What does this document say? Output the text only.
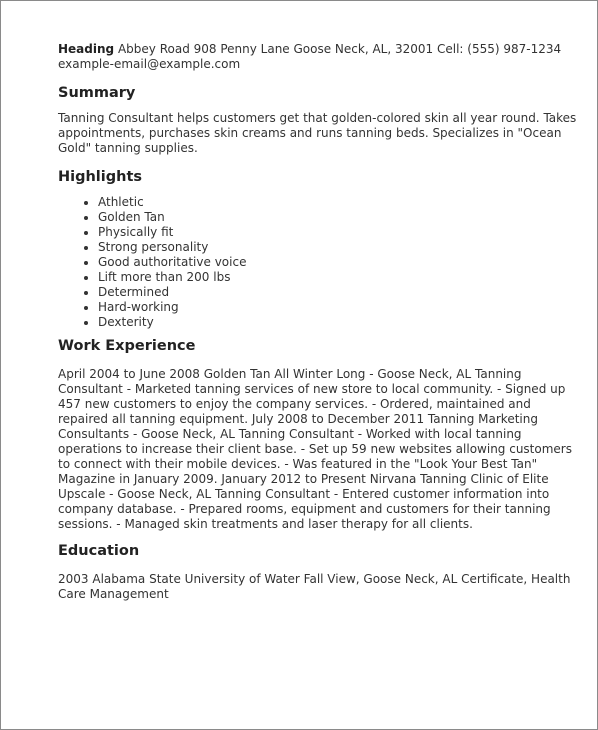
Heading Abbey Road 908 Penny Lane Goose Neck, AL, 32001 Cell: (555) 987-1234 example-email@example.com

Summary

Tanning Consultant helps customers get that golden-colored skin all year round. Takes appointments, purchases skin creams and runs tanning beds. Specializes in "Ocean Gold" tanning supplies.

Highlights
• Athletic
• Golden Tan
• Physically fit
• Strong personality
• Good authoritative voice
• Lift more than 200 lbs
• Determined
• Hard-working
• Dexterity
Work Experience

April 2004 to June 2008 Golden Tan All Winter Long - Goose Neck, AL Tanning Consultant - Marketed tanning services of new store to local community. - Signed up 457 new customers to enjoy the company services. - Ordered, maintained and repaired all tanning equipment. July 2008 to December 2011 Tanning Marketing Consultants - Goose Neck, AL Tanning Consultant - Worked with local tanning operations to increase their client base. - Set up 59 new websites allowing customers to connect with their mobile devices. - Was featured in the "Look Your Best Tan" Magazine in January 2009. January 2012 to Present Nirvana Tanning Clinic of Elite Upscale - Goose Neck, AL Tanning Consultant - Entered customer information into company database. - Prepared rooms, equipment and customers for their tanning sessions. - Managed skin treatments and laser therapy for all clients.

Education

2003 Alabama State University of Water Fall View, Goose Neck, AL Certificate, Health Care Management
